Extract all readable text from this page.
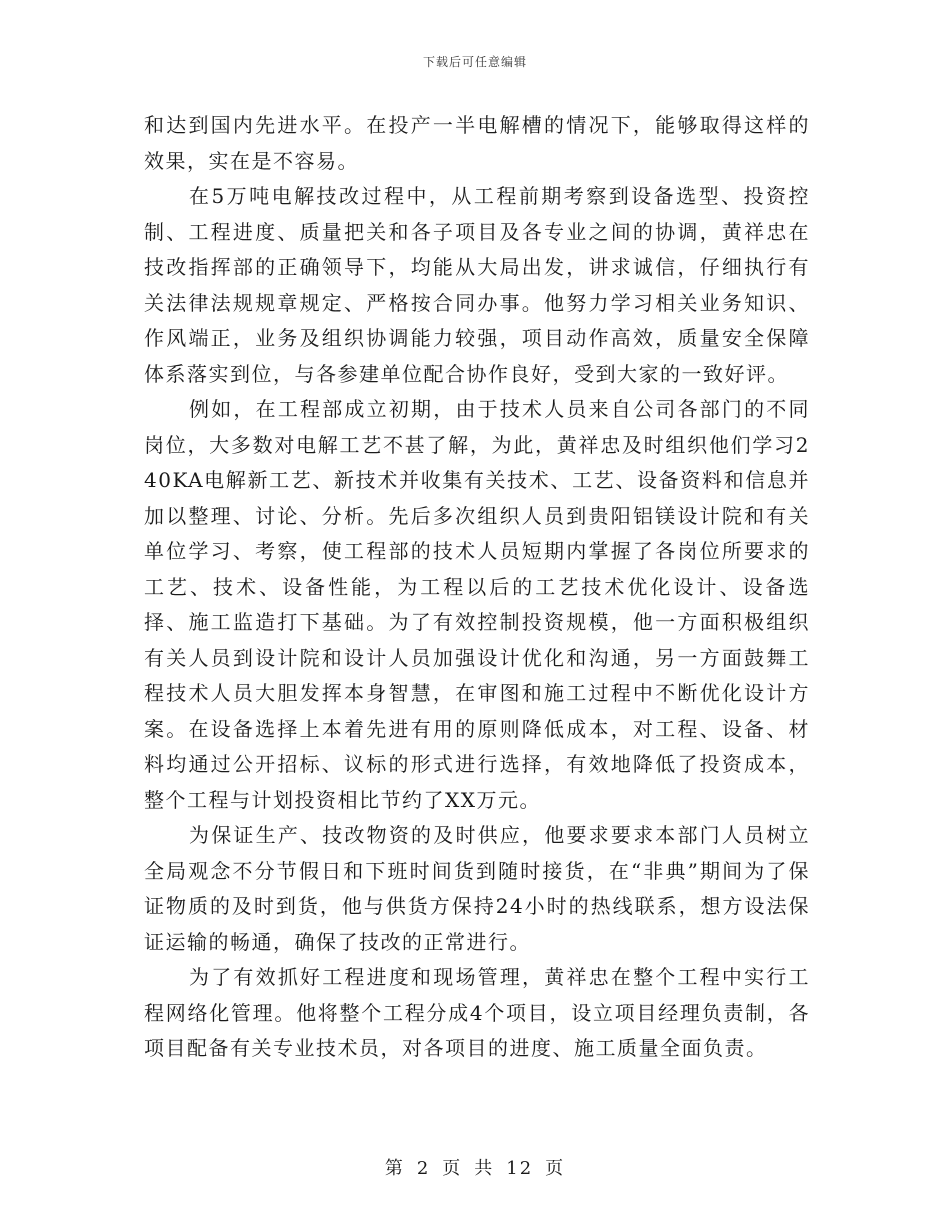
下载后可任意编辑

和达到国内先进水平。在投产一半电解槽的情况下，能够取得这样的效果，实在是不容易。

在5万吨电解技改过程中，从工程前期考察到设备选型、投资控制、工程进度、质量把关和各子项目及各专业之间的协调，黄祥忠在技改指挥部的正确领导下，均能从大局出发，讲求诚信，仔细执行有关法律法规规章规定、严格按合同办事。他努力学习相关业务知识、作风端正，业务及组织协调能力较强，项目动作高效，质量安全保障体系落实到位，与各参建单位配合协作良好，受到大家的一致好评。

例如，在工程部成立初期，由于技术人员来自公司各部门的不同岗位，大多数对电解工艺不甚了解，为此，黄祥忠及时组织他们学习240KA电解新工艺、新技术并收集有关技术、工艺、设备资料和信息并加以整理、讨论、分析。先后多次组织人员到贵阳铝镁设计院和有关单位学习、考察，使工程部的技术人员短期内掌握了各岗位所要求的工艺、技术、设备性能，为工程以后的工艺技术优化设计、设备选择、施工监造打下基础。为了有效控制投资规模，他一方面积极组织有关人员到设计院和设计人员加强设计优化和沟通，另一方面鼓舞工程技术人员大胆发挥本身智慧，在审图和施工过程中不断优化设计方案。在设备选择上本着先进有用的原则降低成本，对工程、设备、材料均通过公开招标、议标的形式进行选择，有效地降低了投资成本，整个工程与计划投资相比节约了XX万元。

为保证生产、技改物资的及时供应，他要求要求本部门人员树立全局观念不分节假日和下班时间货到随时接货，在“非典”期间为了保证物质的及时到货，他与供货方保持24小时的热线联系，想方设法保证运输的畅通，确保了技改的正常进行。

为了有效抓好工程进度和现场管理，黄祥忠在整个工程中实行工程网络化管理。他将整个工程分成4个项目，设立项目经理负责制，各项目配备有关专业技术员，对各项目的进度、施工质量全面负责。

第 2 页 共 12 页
